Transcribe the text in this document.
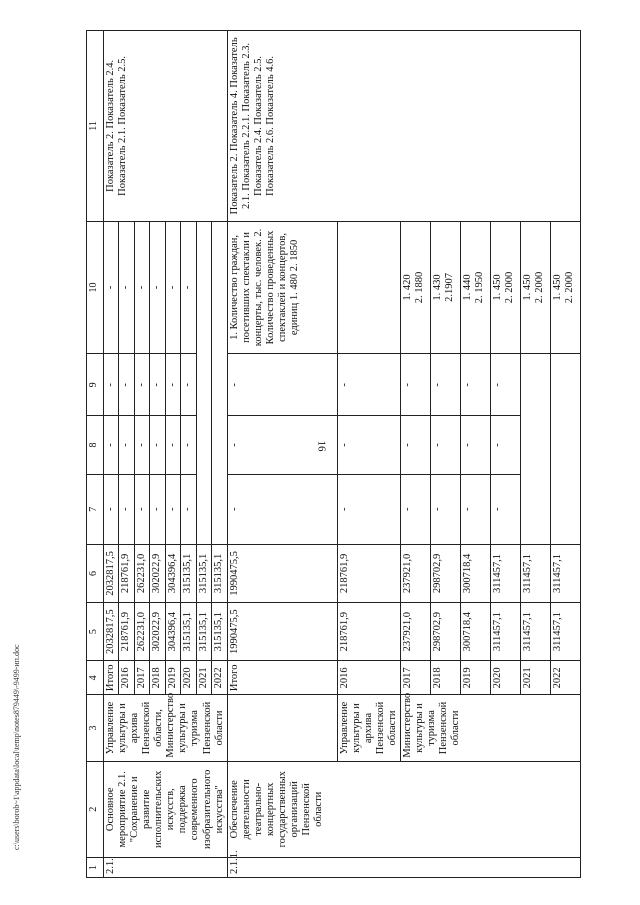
16
c:\users\borob~1\appdata\local\temp\notes879449\-9499-ип.doc
1	2	3	4	5	6	7	8	9	10	11
2.1.	Основное мероприятие 2.1. "Сохранение и развитие исполнительских искусств, поддержка современного изобразительного искусства"	Управление культуры и архива Пензенской области, Министерство культуры и туризма Пензенской области	Итого	2032817,5	2032817,5	-	-	-	-	Показатель 2. Показатель 2.4. Показатель 2.1. Показатель 2.5.
			2016	218761,9	218761,9	-	-	-	-	
			2017	262231,0	262231,0	-	-	-	-	
			2018	302022,9	302022,9	-	-	-	-	
			2019	304396,4	304396,4	-	-	-	-	
			2020	315135,1	315135,1	-	-	-	-	
			2021	315135,1	315135,1					
			2022	315135,1	315135,1					
2.1.1.	Обеспечение деятельности театрально-концертных государственных организаций Пензенской области		Итого	1990475,5	1990475,5	-	-	-	1. Количество граждан, посетивших спектакли и концерты, тыс. человек. 2. Количество проведенных спектаклей и концертов, единиц 1. 480 2. 1850	Показатель 2. Показатель 4. Показатель 2.1. Показатель 2.2.1. Показатель 2.3. Показатель 2.4. Показатель 2.5. Показатель 2.6. Показатель 4.6.
		Управление культуры и архива Пензенской области	2016	218761,9	218761,9	-	-	-		
		Министерство культуры и туризма Пензенской области	2017	237921,0	237921,0	-	-	-	1. 420
2. 1880	
			2018	298702,9	298702,9	-	-	-	1. 430
2.1907	
			2019	300718,4	300718,4	-	-	-	1. 440
2. 1950	
			2020	311457,1	311457,1	-	-	-	1. 450
2. 2000	
			2021	311457,1	311457,1				1. 450
2. 2000	
			2022	311457,1	311457,1				1. 450
2. 2000	
